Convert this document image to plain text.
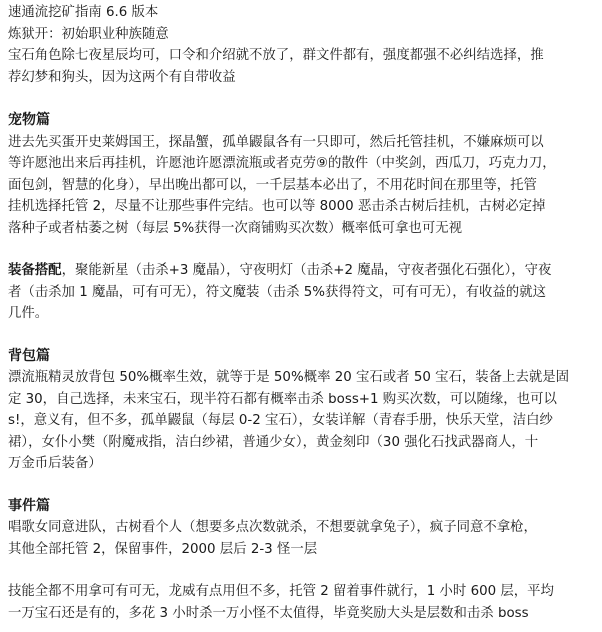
速通流挖矿指南 6.6 版本
炼狱开：初始职业种族随意
宝石角色除七夜星辰均可，口令和介绍就不放了，群文件都有，强度都强不必纠结选择，推
荐幻梦和狗头，因为这两个有自带收益
宠物篇
进去先买蛋开史莱姆国王，探晶蟹，孤单鼹鼠各有一只即可，然后托管挂机，不嫌麻烦可以
等许愿池出来后再挂机，许愿池许愿漂流瓶或者克劳⑨的散件（中奖剑，西瓜刀，巧克力刀，
面包剑，智慧的化身），早出晚出都可以，一千层基本必出了，不用花时间在那里等，托管
挂机选择托管 2，尽量不让那些事件完结。也可以等 8000 恶击杀古树后挂机，古树必定掉
落种子或者枯萎之树（每层 5%获得一次商铺购买次数）概率低可拿也可无视
装备搭配，聚能新星（击杀+3 魔晶），守夜明灯（击杀+2 魔晶，守夜者强化石强化），守夜
者（击杀加 1 魔晶，可有可无），符文魔装（击杀 5%获得符文，可有可无），有收益的就这
几件。
背包篇
漂流瓶精灵放背包 50%概率生效，就等于是 50%概率 20 宝石或者 50 宝石，装备上去就是固
定 30，自己选择，未来宝石，现半符石都有概率击杀 boss+1 购买次数，可以随缘，也可以
s!，意义有，但不多，孤单鼹鼠（每层 0-2 宝石），女装详解（青春手册，快乐天堂，洁白纱
裙），女仆小樊（附魔戒指，洁白纱裙，普通少女），黄金刻印（30 强化石找武器商人，十
万金币后装备）
事件篇
唱歌女同意进队，古树看个人（想要多点次数就杀，不想要就拿兔子），疯子同意不拿枪，
其他全部托管 2，保留事件，2000 层后 2-3 怪一层
技能全都不用拿可有可无，龙威有点用但不多，托管 2 留着事件就行，1 小时 600 层，平均
一万宝石还是有的，多花 3 小时杀一万小怪不太值得，毕竟奖励大头是层数和击杀 boss
